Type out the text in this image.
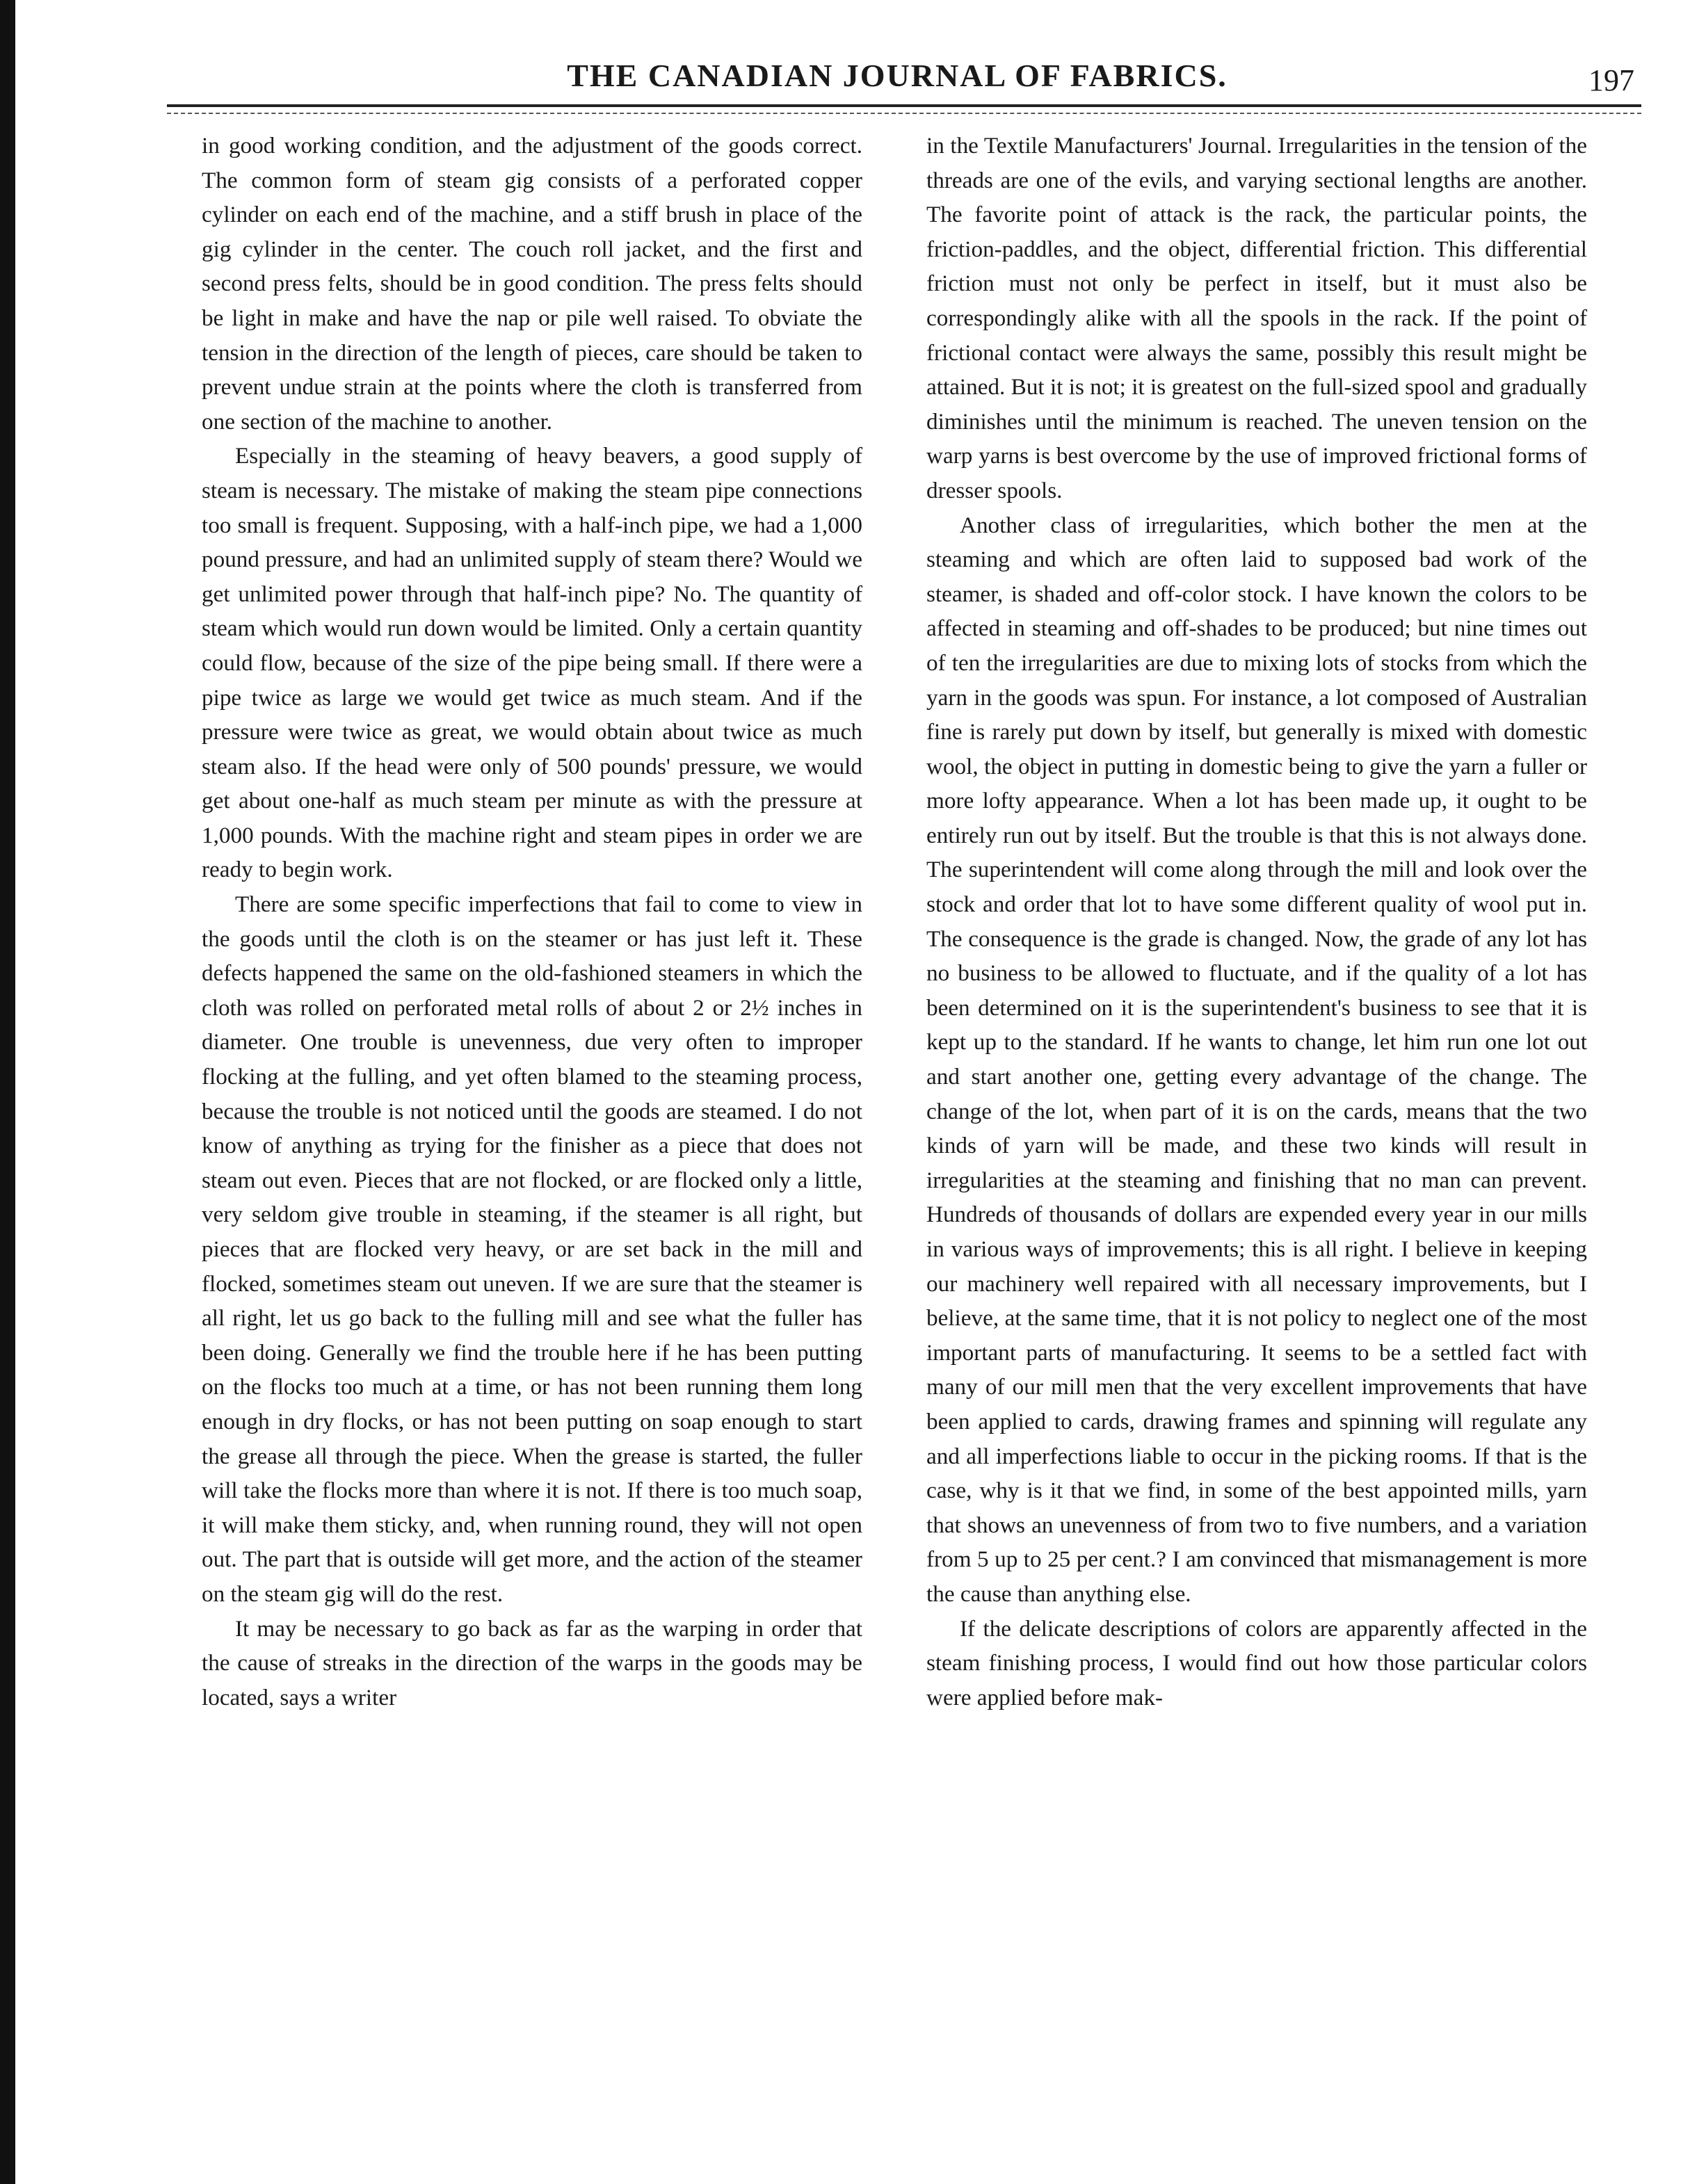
THE CANADIAN JOURNAL OF FABRICS.	197

in good working condition, and the adjustment of the goods correct. The common form of steam gig consists of a perforated copper cylinder on each end of the machine, and a stiff brush in place of the gig cylinder in the center. The couch roll jacket, and the first and second press felts, should be in good condition. The press felts should be light in make and have the nap or pile well raised. To obviate the tension in the direction of the length of pieces, care should be taken to prevent undue strain at the points where the cloth is transferred from one section of the machine to another.

Especially in the steaming of heavy beavers, a good supply of steam is necessary. The mistake of making the steam pipe connections too small is frequent. Supposing, with a half-inch pipe, we had a 1,000 pound pressure, and had an unlimited supply of steam there? Would we get unlimited power through that half-inch pipe? No. The quantity of steam which would run down would be limited. Only a certain quantity could flow, because of the size of the pipe being small. If there were a pipe twice as large we would get twice as much steam. And if the pressure were twice as great, we would obtain about twice as much steam also. If the head were only of 500 pounds' pressure, we would get about one-half as much steam per minute as with the pressure at 1,000 pounds. With the machine right and steam pipes in order we are ready to begin work.

There are some specific imperfections that fail to come to view in the goods until the cloth is on the steamer or has just left it. These defects happened the same on the old-fashioned steamers in which the cloth was rolled on perforated metal rolls of about 2 or 2½ inches in diameter. One trouble is unevenness, due very often to improper flocking at the fulling, and yet often blamed to the steaming process, because the trouble is not noticed until the goods are steamed. I do not know of anything as trying for the finisher as a piece that does not steam out even. Pieces that are not flocked, or are flocked only a little, very seldom give trouble in steaming, if the steamer is all right, but pieces that are flocked very heavy, or are set back in the mill and flocked, sometimes steam out uneven. If we are sure that the steamer is all right, let us go back to the fulling mill and see what the fuller has been doing. Generally we find the trouble here if he has been putting on the flocks too much at a time, or has not been running them long enough in dry flocks, or has not been putting on soap enough to start the grease all through the piece. When the grease is started, the fuller will take the flocks more than where it is not. If there is too much soap, it will make them sticky, and, when running round, they will not open out. The part that is outside will get more, and the action of the steamer on the steam gig will do the rest.

It may be necessary to go back as far as the warping in order that the cause of streaks in the direction of the warps in the goods may be located, says a writer

in the Textile Manufacturers' Journal. Irregularities in the tension of the threads are one of the evils, and varying sectional lengths are another. The favorite point of attack is the rack, the particular points, the friction-paddles, and the object, differential friction. This differential friction must not only be perfect in itself, but it must also be correspondingly alike with all the spools in the rack. If the point of frictional contact were always the same, possibly this result might be attained. But it is not; it is greatest on the full-sized spool and gradually diminishes until the minimum is reached. The uneven tension on the warp yarns is best overcome by the use of improved frictional forms of dresser spools.

Another class of irregularities, which bother the men at the steaming and which are often laid to supposed bad work of the steamer, is shaded and off-color stock. I have known the colors to be affected in steaming and off-shades to be produced; but nine times out of ten the irregularities are due to mixing lots of stocks from which the yarn in the goods was spun. For instance, a lot composed of Australian fine is rarely put down by itself, but generally is mixed with domestic wool, the object in putting in domestic being to give the yarn a fuller or more lofty appearance. When a lot has been made up, it ought to be entirely run out by itself. But the trouble is that this is not always done. The superintendent will come along through the mill and look over the stock and order that lot to have some different quality of wool put in. The consequence is the grade is changed. Now, the grade of any lot has no business to be allowed to fluctuate, and if the quality of a lot has been determined on it is the superintendent's business to see that it is kept up to the standard. If he wants to change, let him run one lot out and start another one, getting every advantage of the change. The change of the lot, when part of it is on the cards, means that the two kinds of yarn will be made, and these two kinds will result in irregularities at the steaming and finishing that no man can prevent. Hundreds of thousands of dollars are expended every year in our mills in various ways of improvements; this is all right. I believe in keeping our machinery well repaired with all necessary improvements, but I believe, at the same time, that it is not policy to neglect one of the most important parts of manufacturing. It seems to be a settled fact with many of our mill men that the very excellent improvements that have been applied to cards, drawing frames and spinning will regulate any and all imperfections liable to occur in the picking rooms. If that is the case, why is it that we find, in some of the best appointed mills, yarn that shows an unevenness of from two to five numbers, and a variation from 5 up to 25 per cent.? I am convinced that mismanagement is more the cause than anything else.

If the delicate descriptions of colors are apparently affected in the steam finishing process, I would find out how those particular colors were applied before mak-
